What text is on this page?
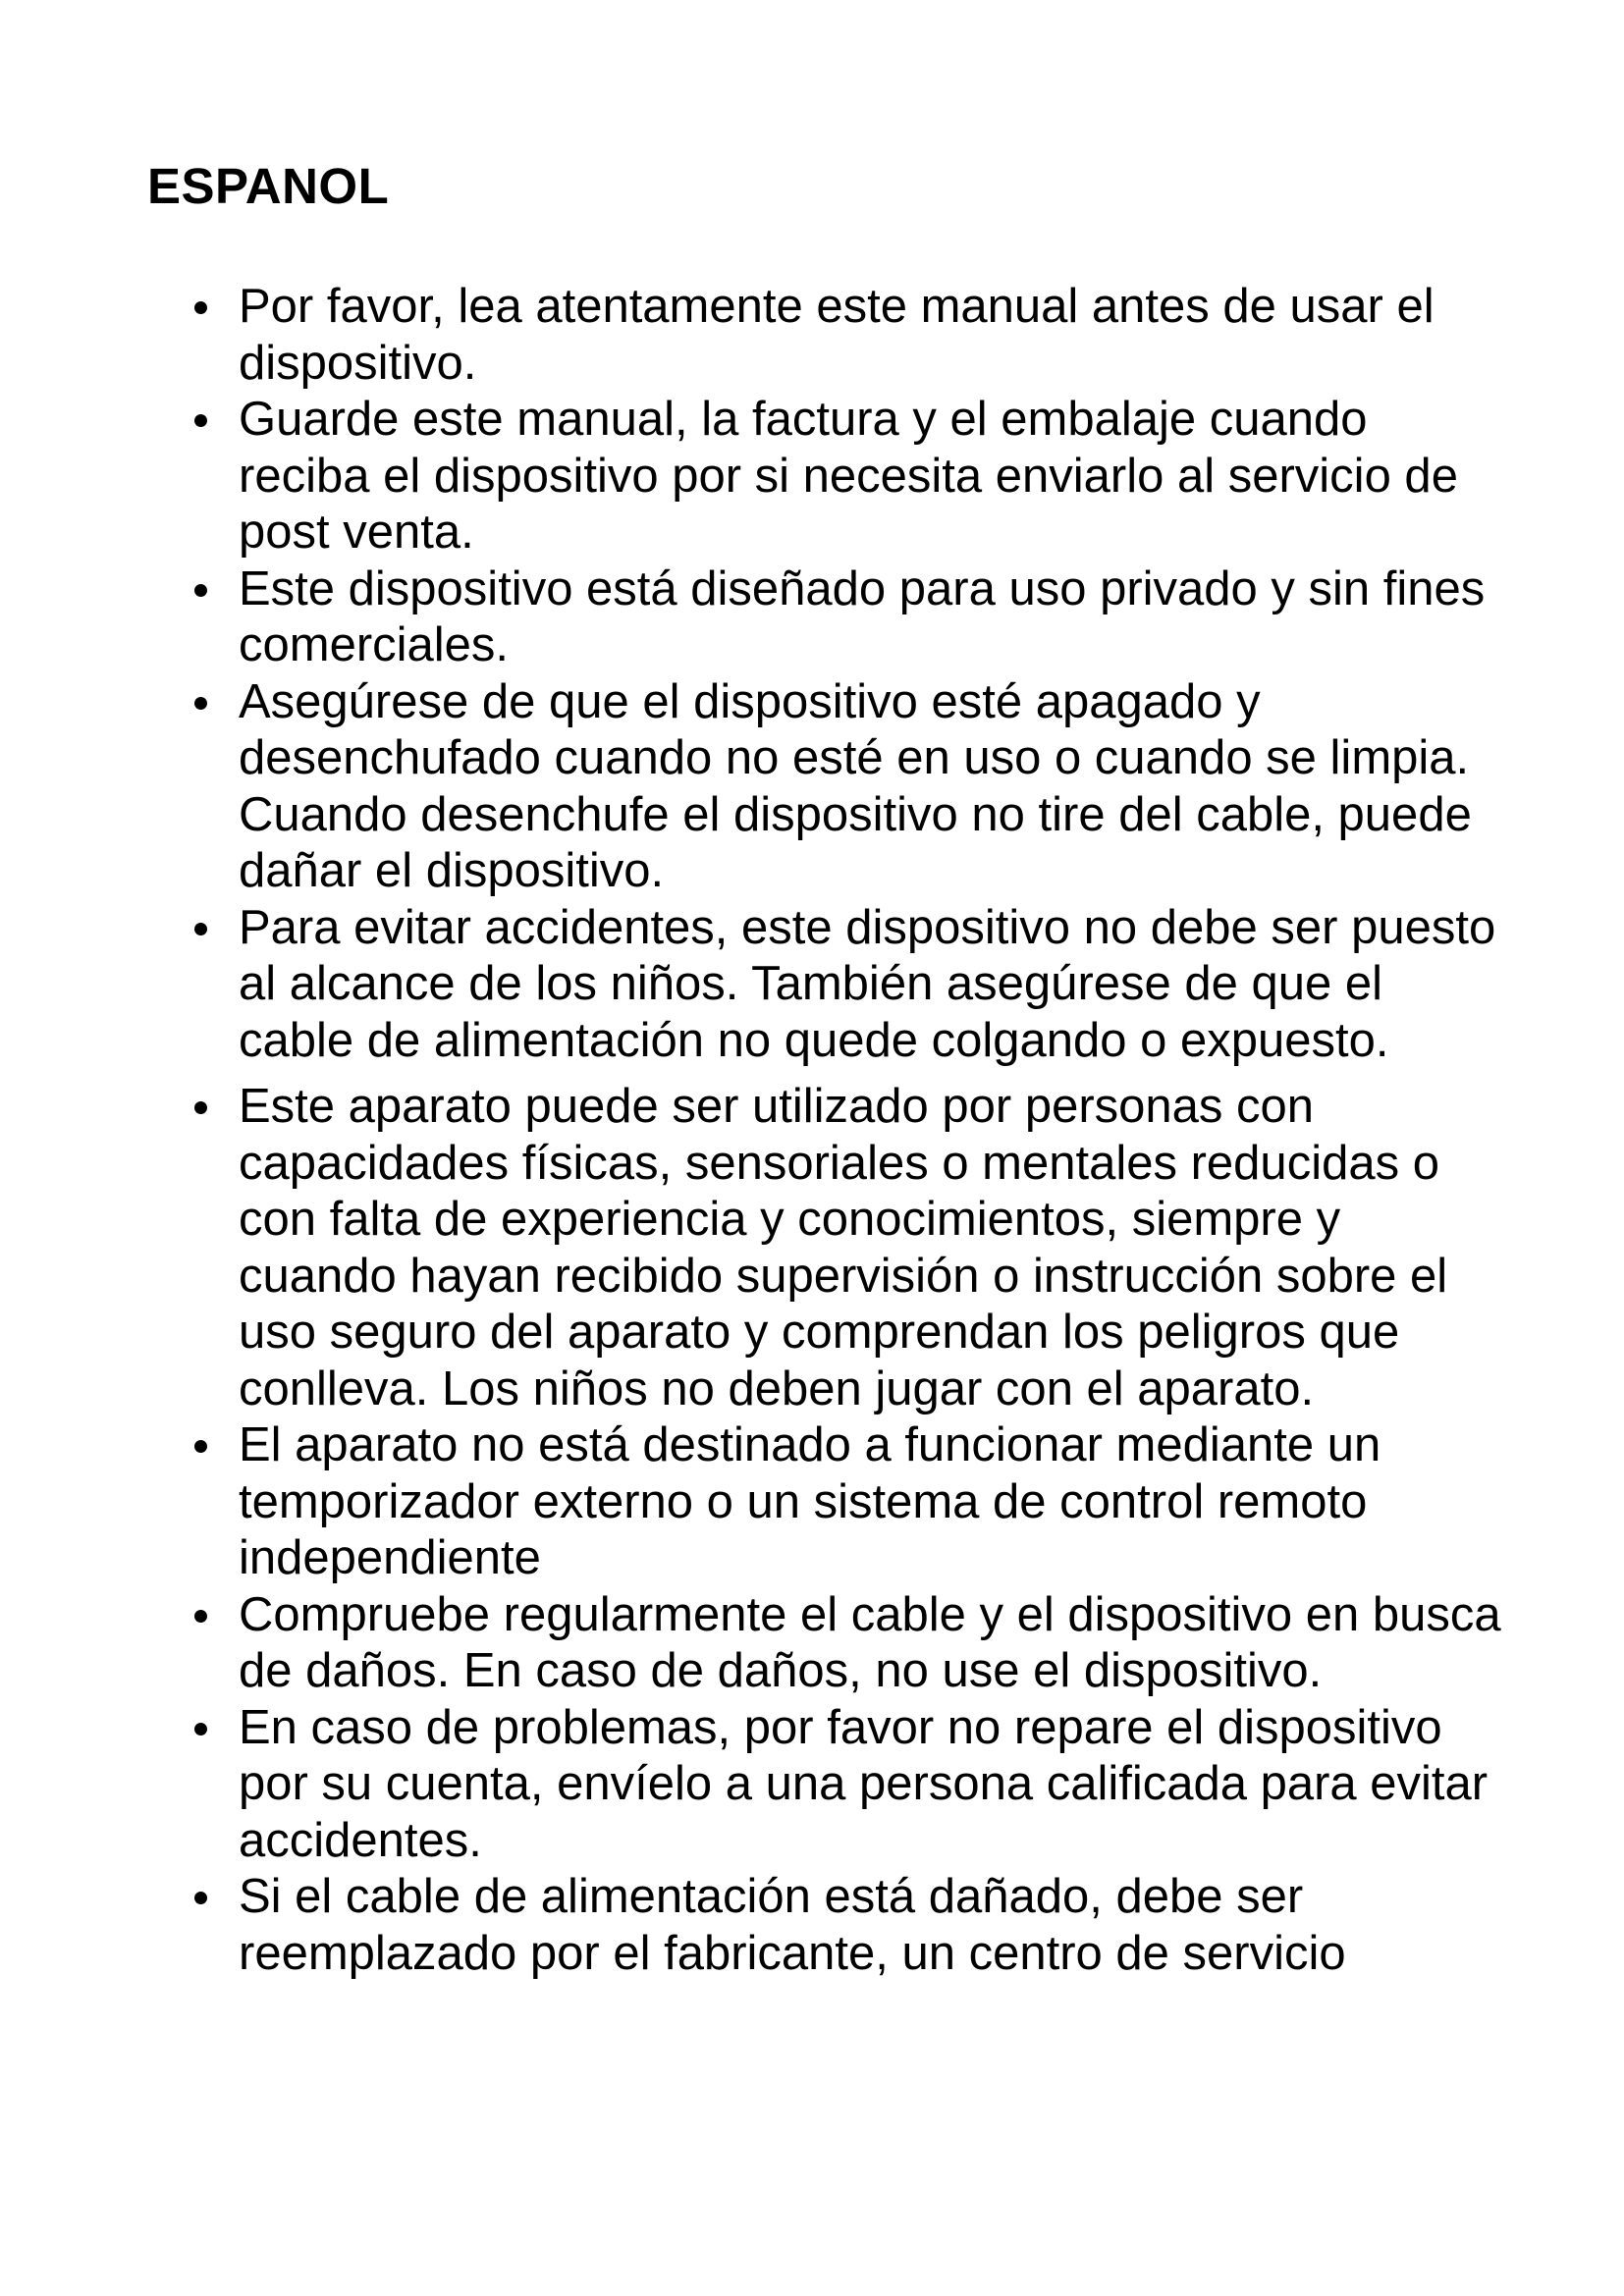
ESPANOL
Por favor, lea atentamente este manual antes de usar el dispositivo.
Guarde este manual, la factura y el embalaje cuando reciba el dispositivo por si necesita enviarlo al servicio de post venta.
Este dispositivo está diseñado para uso privado y sin fines comerciales.
Asegúrese de que el dispositivo esté apagado y desenchufado cuando no esté en uso o cuando se limpia. Cuando desenchufe el dispositivo no tire del cable, puede dañar el dispositivo.
Para evitar accidentes, este dispositivo no debe ser puesto al alcance de los niños. También asegúrese de que el cable de alimentación no quede colgando o expuesto.
Este aparato puede ser utilizado por personas con capacidades físicas, sensoriales o mentales reducidas o con falta de experiencia y conocimientos, siempre y cuando hayan recibido supervisión o instrucción sobre el uso seguro del aparato y comprendan los peligros que conlleva. Los niños no deben jugar con el aparato.
El aparato no está destinado a funcionar mediante un temporizador externo o un sistema de control remoto independiente
Compruebe regularmente el cable y el dispositivo en busca de daños. En caso de daños, no use el dispositivo.
En caso de problemas, por favor no repare el dispositivo por su cuenta, envíelo a una persona calificada para evitar accidentes.
Si el cable de alimentación está dañado, debe ser reemplazado por el fabricante, un centro de servicio
